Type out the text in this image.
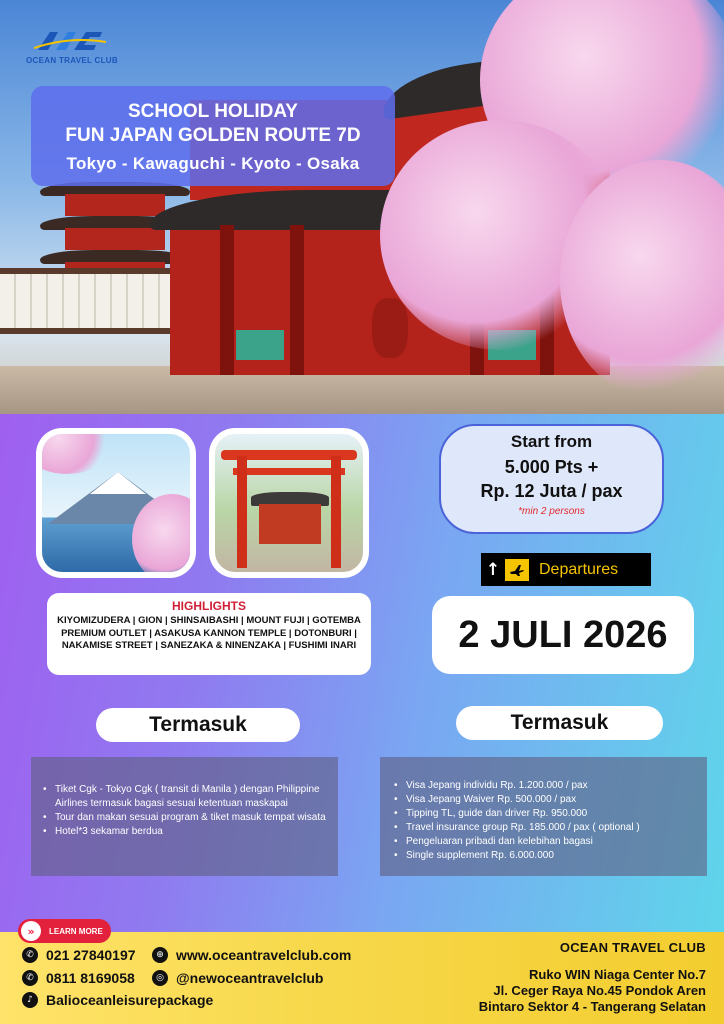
OCEAN TRAVEL CLUB
SCHOOL HOLIDAY
FUN JAPAN GOLDEN ROUTE 7D
Tokyo - Kawaguchi - Kyoto - Osaka
Start from
5.000 Pts +
Rp. 12 Juta / pax
*min 2 persons
↑	Departures
2 JULI 2026
HIGHLIGHTS
KIYOMIZUDERA | GION | SHINSAIBASHI | MOUNT FUJI | GOTEMBA PREMIUM OUTLET | ASAKUSA KANNON TEMPLE | DOTONBURI | NAKAMISE STREET | SANEZAKA & NINENZAKA | FUSHIMI INARI
Termasuk
• Tiket Cgk - Tokyo Cgk ( transit di Manila ) dengan Philippine Airlines termasuk bagasi sesuai ketentuan maskapai
• Tour dan makan sesuai program & tiket masuk tempat wisata
• Hotel*3 sekamar berdua
Termasuk
• Visa Jepang individu Rp. 1.200.000 / pax
• Visa Jepang Waiver Rp. 500.000 / pax
• Tipping TL, guide dan driver Rp. 950.000
• Travel insurance group Rp. 185.000 / pax ( optional )
• Pengeluaran pribadi dan kelebihan bagasi
• Single supplement Rp. 6.000.000
»	LEARN MORE
✆ 021 27840197
✆ 0811 8169058
♪ Balioceanleisurepackage
⊕ www.oceantravelclub.com
◎ @newoceantravelclub
OCEAN TRAVEL CLUB
Ruko WIN Niaga Center No.7
Jl. Ceger Raya No.45 Pondok Aren
Bintaro Sektor 4 - Tangerang Selatan
